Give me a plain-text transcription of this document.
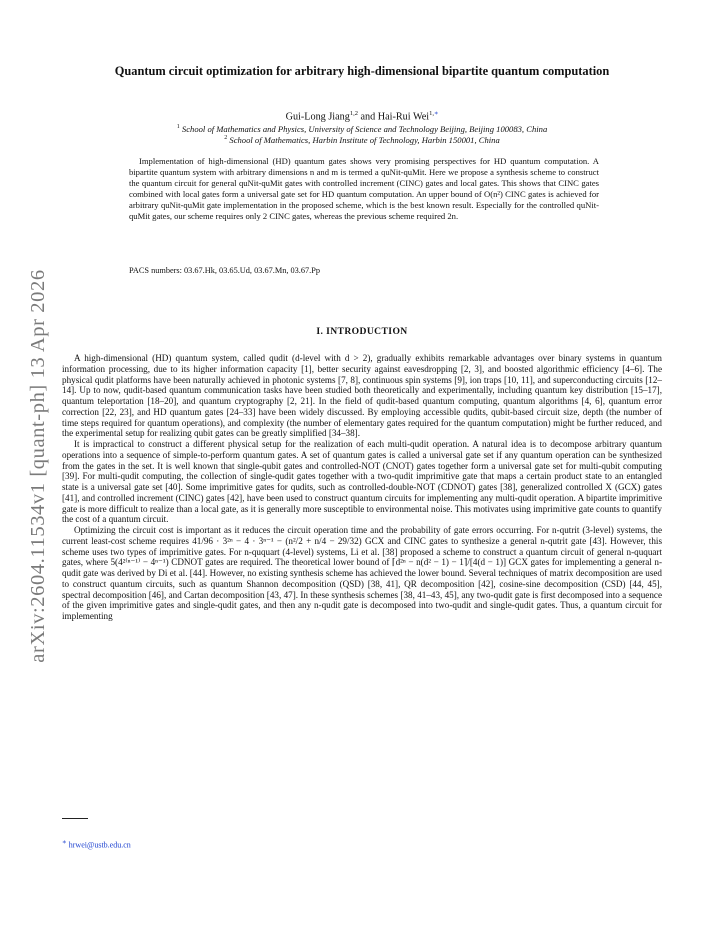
arXiv:2604.11534v1 [quant-ph] 13 Apr 2026
Quantum circuit optimization for arbitrary high-dimensional bipartite quantum computation
Gui-Long Jiang$^{1,2}$ and Hai-Rui Wei$^{1,∗}$
$^1$ School of Mathematics and Physics, University of Science and Technology Beijing, Beijing 100083, China
$^2$ School of Mathematics, Harbin Institute of Technology, Harbin 150001, China
Implementation of high-dimensional (HD) quantum gates shows very promising perspectives for HD quantum computation. A bipartite quantum system with arbitrary dimensions n and m is termed a quNit-quMit. Here we propose a synthesis scheme to construct the quantum circuit for general quNit-quMit gates with controlled increment (CINC) gates and local gates. This shows that CINC gates combined with local gates form a universal gate set for HD quantum computation. An upper bound of O(n²) CINC gates is achieved for arbitrary quNit-quMit gate implementation in the proposed scheme, which is the best known result. Especially for the controlled quNit-quMit gates, our scheme requires only 2 CINC gates, whereas the previous scheme required 2n.
PACS numbers: 03.67.Hk, 03.65.Ud, 03.67.Mn, 03.67.Pp
I. INTRODUCTION

A high-dimensional (HD) quantum system, called qudit (d-level with d > 2), gradually exhibits remarkable advantages over binary systems in quantum information processing, due to its higher information capacity [1], better security against eavesdropping [2, 3], and boosted algorithmic efficiency [4–6]. The physical qudit platforms have been naturally achieved in photonic systems [7, 8], continuous spin systems [9], ion traps [10, 11], and superconducting circuits [12–14]. Up to now, qudit-based quantum communication tasks have been studied both theoretically and experimentally, including quantum key distribution [15–17], quantum teleportation [18–20], and quantum cryptography [2, 21]. In the field of qudit-based quantum computing, quantum algorithms [4, 6], quantum error correction [22, 23], and HD quantum gates [24–33] have been widely discussed. By employing accessible qudits, qubit-based circuit size, depth (the number of time steps required for quantum operations), and complexity (the number of elementary gates required for the quantum computation) might be further reduced, and the experimental setup for realizing qubit gates can be greatly simplified [34–38].

It is impractical to construct a different physical setup for the realization of each multi-qudit operation. A natural idea is to decompose arbitrary quantum operations into a sequence of simple-to-perform quantum gates. A set of quantum gates is called a universal gate set if any quantum operation can be synthesized from the gates in the set. It is well known that single-qubit gates and controlled-NOT (CNOT) gates together form a universal gate set for multi-qubit computing [39]. For multi-qudit computing, the collection of single-qudit gates together with a two-qudit imprimitive gate that maps a certain product state to an entangled state is a universal gate set [40]. Some imprimitive gates for qudits, such as controlled-double-NOT (CDNOT) gates [38], generalized controlled X (GCX) gates [41], and controlled increment (CINC) gates [42], have been used to construct quantum circuits for implementing any multi-qudit operation. A bipartite imprimitive gate is more difficult to realize than a local gate, as it is generally more susceptible to environmental noise. This motivates using imprimitive gate counts to quantify the cost of a quantum circuit.

Optimizing the circuit cost is important as it reduces the circuit operation time and the probability of gate errors occurring. For n-qutrit (3-level) systems, the current least-cost scheme requires 41/96 · 3²ⁿ − 4 · 3ⁿ⁻¹ − (n²/2 + n/4 − 29/32) GCX and CINC gates to synthesize a general n-qutrit gate [43]. However, this scheme uses two types of imprimitive gates. For n-ququart (4-level) systems, Li et al. [38] proposed a scheme to construct a quantum circuit of general n-ququart gates, where 5(4²⁽ⁿ⁻¹⁾ − 4ⁿ⁻¹) CDNOT gates are required. The theoretical lower bound of ⌈d²ⁿ − n(d² − 1) − 1⌉/[4(d − 1)] GCX gates for implementing a general n-qudit gate was derived by Di et al. [44]. However, no existing synthesis scheme has achieved the lower bound. Several techniques of matrix decomposition are used to construct quantum circuits, such as quantum Shannon decomposition (QSD) [38, 41], QR decomposition [42], cosine-sine decomposition (CSD) [44, 45], spectral decomposition [46], and Cartan decomposition [43, 47]. In these synthesis schemes [38, 41–43, 45], any two-qudit gate is first decomposed into a sequence of the given imprimitive gates and single-qudit gates, and then any n-qudit gate is decomposed into two-qudit and single-qudit gates. Thus, a quantum circuit for implementing

∗ hrwei@ustb.edu.cn
